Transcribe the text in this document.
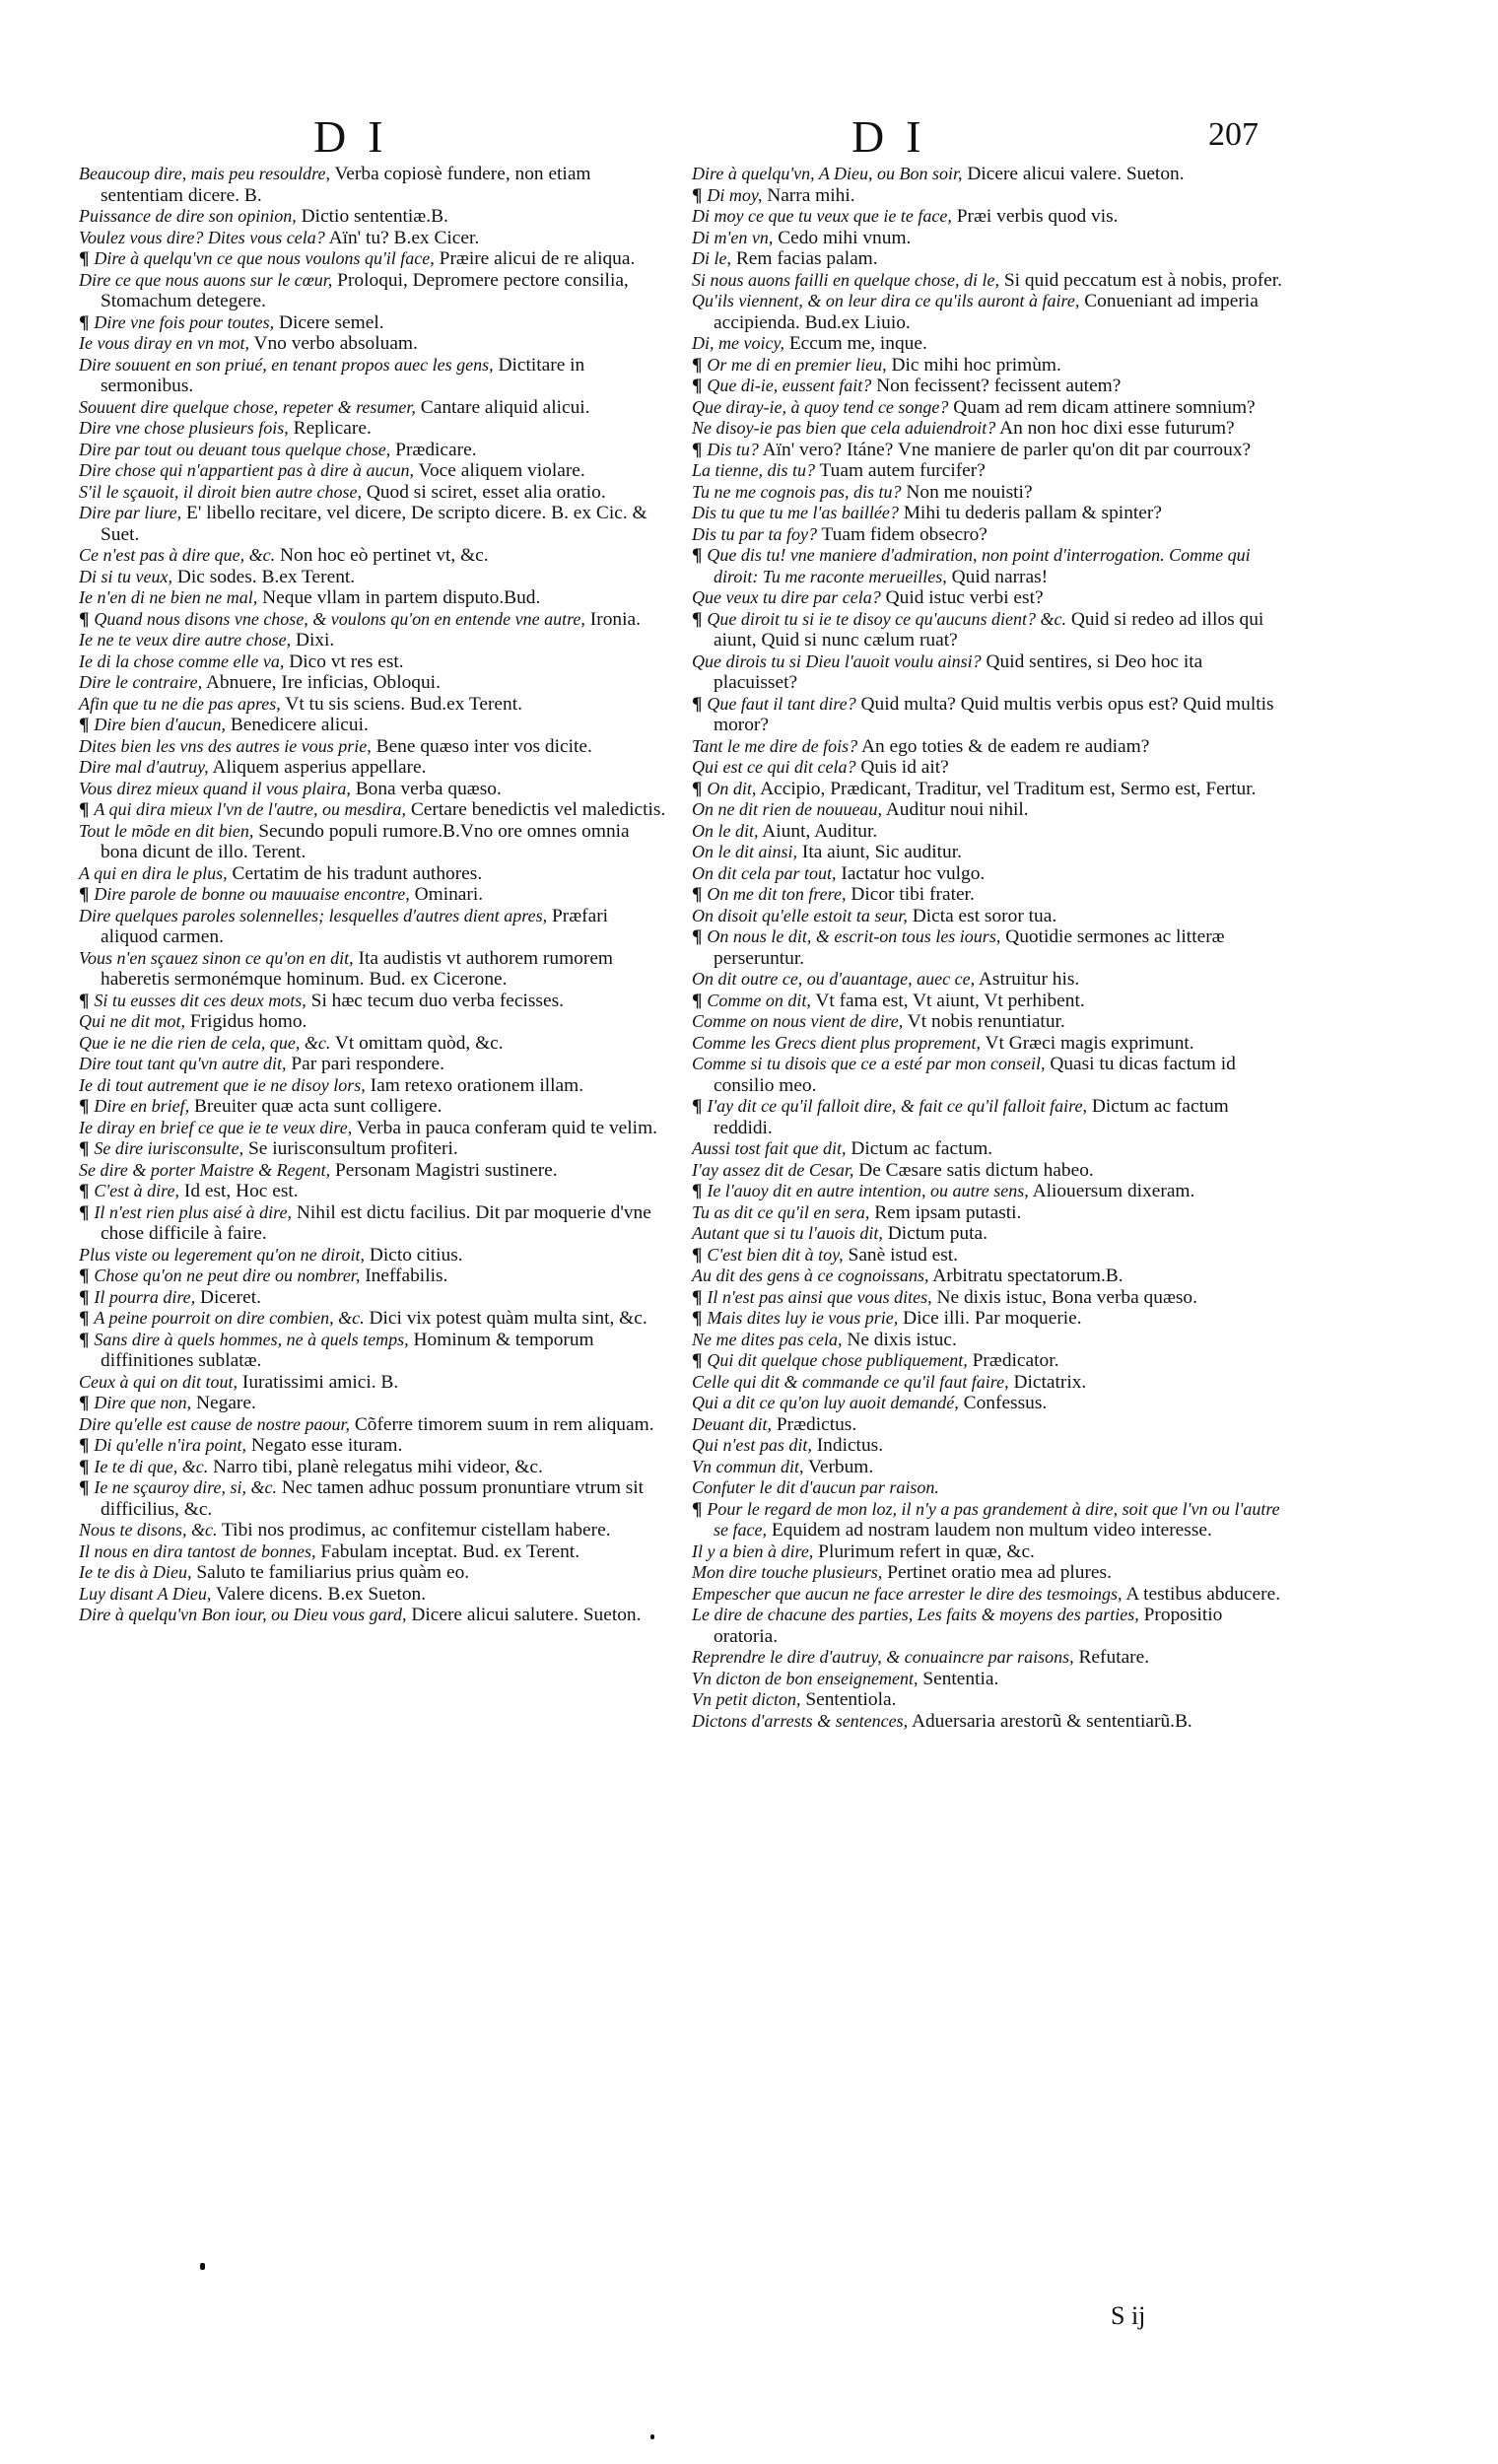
DI	DI	207

Beaucoup dire, mais peu resouldre, Verba copiosè fundere, non etiam sententiam dicere. B.

Puissance de dire son opinion, Dictio sententiæ.B.

Voulez vous dire? Dites vous cela? Aïn' tu? B.ex Cicer.

¶ Dire à quelqu'vn ce que nous voulons qu'il face, Præire alicui de re aliqua.

Dire ce que nous auons sur le cœur, Proloqui, Depromere pectore consilia, Stomachum detegere.

¶ Dire vne fois pour toutes, Dicere semel.

Ie vous diray en vn mot, Vno verbo absoluam.

Dire souuent en son priué, en tenant propos auec les gens, Dictitare in sermonibus.

Souuent dire quelque chose, repeter & resumer, Cantare aliquid alicui.

Dire vne chose plusieurs fois, Replicare.

Dire par tout ou deuant tous quelque chose, Prædicare.

Dire chose qui n'appartient pas à dire à aucun, Voce aliquem violare.

S'il le sçauoit, il diroit bien autre chose, Quod si sciret, esset alia oratio.

Dire par liure, E' libello recitare, vel dicere, De scripto dicere. B. ex Cic. & Suet.

Ce n'est pas à dire que, &c. Non hoc eò pertinet vt, &c.

Di si tu veux, Dic sodes. B.ex Terent.

Ie n'en di ne bien ne mal, Neque vllam in partem disputo.Bud.

¶ Quand nous disons vne chose, & voulons qu'on en entende vne autre, Ironia.

Ie ne te veux dire autre chose, Dixi.

Ie di la chose comme elle va, Dico vt res est.

Dire le contraire, Abnuere, Ire inficias, Obloqui.

Afin que tu ne die pas apres, Vt tu sis sciens. Bud.ex Terent.

¶ Dire bien d'aucun, Benedicere alicui.

Dites bien les vns des autres ie vous prie, Bene quæso inter vos dicite.

Dire mal d'autruy, Aliquem asperius appellare.

Vous direz mieux quand il vous plaira, Bona verba quæso.

¶ A qui dira mieux l'vn de l'autre, ou mesdira, Certare benedictis vel maledictis.

Tout le mõde en dit bien, Secundo populi rumore.B.Vno ore omnes omnia bona dicunt de illo. Terent.

A qui en dira le plus, Certatim de his tradunt authores.

¶ Dire parole de bonne ou mauuaise encontre, Ominari.

Dire quelques paroles solennelles; lesquelles d'autres dient apres, Præfari aliquod carmen.

Vous n'en sçauez sinon ce qu'on en dit, Ita audistis vt authorem rumorem haberetis sermonémque hominum. Bud. ex Cicerone.

¶ Si tu eusses dit ces deux mots, Si hæc tecum duo verba fecisses.

Qui ne dit mot, Frigidus homo.

Que ie ne die rien de cela, que, &c. Vt omittam quòd, &c.

Dire tout tant qu'vn autre dit, Par pari respondere.

Ie di tout autrement que ie ne disoy lors, Iam retexo orationem illam.

¶ Dire en brief, Breuiter quæ acta sunt colligere.

Ie diray en brief ce que ie te veux dire, Verba in pauca conferam quid te velim.

¶ Se dire iurisconsulte, Se iurisconsultum profiteri.

Se dire & porter Maistre & Regent, Personam Magistri sustinere.

¶ C'est à dire, Id est, Hoc est.

¶ Il n'est rien plus aisé à dire, Nihil est dictu facilius. Dit par moquerie d'vne chose difficile à faire.

Plus viste ou legerement qu'on ne diroit, Dicto citius.

¶ Chose qu'on ne peut dire ou nombrer, Ineffabilis.

¶ Il pourra dire, Diceret.

¶ A peine pourroit on dire combien, &c. Dici vix potest quàm multa sint, &c.

¶ Sans dire à quels hommes, ne à quels temps, Hominum & temporum diffinitiones sublatæ.

Ceux à qui on dit tout, Iuratissimi amici. B.

¶ Dire que non, Negare.

Dire qu'elle est cause de nostre paour, Cõferre timorem suum in rem aliquam.

¶ Di qu'elle n'ira point, Negato esse ituram.

¶ Ie te di que, &c. Narro tibi, planè relegatus mihi videor, &c.

¶ Ie ne sçauroy dire, si, &c. Nec tamen adhuc possum pronuntiare vtrum sit difficilius, &c.

Nous te disons, &c. Tibi nos prodimus, ac confitemur cistellam habere.

Il nous en dira tantost de bonnes, Fabulam inceptat. Bud. ex Terent.

Ie te dis à Dieu, Saluto te familiarius prius quàm eo.

Luy disant A Dieu, Valere dicens. B.ex Sueton.

Dire à quelqu'vn Bon iour, ou Dieu vous gard, Dicere alicui salutere. Sueton.

Dire à quelqu'vn, A Dieu, ou Bon soir, Dicere alicui valere. Sueton.

¶ Di moy, Narra mihi.

Di moy ce que tu veux que ie te face, Præi verbis quod vis.

Di m'en vn, Cedo mihi vnum.

Di le, Rem facias palam.

Si nous auons failli en quelque chose, di le, Si quid peccatum est à nobis, profer.

Qu'ils viennent, & on leur dira ce qu'ils auront à faire, Conueniant ad imperia accipienda. Bud.ex Liuio.

Di, me voicy, Eccum me, inque.

¶ Or me di en premier lieu, Dic mihi hoc primùm.

¶ Que di-ie, eussent fait? Non fecissent? fecissent autem?

Que diray-ie, à quoy tend ce songe? Quam ad rem dicam attinere somnium?

Ne disoy-ie pas bien que cela aduiendroit? An non hoc dixi esse futurum?

¶ Dis tu? Aïn' vero? Itáne? Vne maniere de parler qu'on dit par courroux?

La tienne, dis tu? Tuam autem furcifer?

Tu ne me cognois pas, dis tu? Non me nouisti?

Dis tu que tu me l'as baillée? Mihi tu dederis pallam & spinter?

Dis tu par ta foy? Tuam fidem obsecro?

¶ Que dis tu! vne maniere d'admiration, non point d'interrogation. Comme qui diroit: Tu me raconte merueilles, Quid narras!

Que veux tu dire par cela? Quid istuc verbi est?

¶ Que diroit tu si ie te disoy ce qu'aucuns dient? &c. Quid si redeo ad illos qui aiunt, Quid si nunc cælum ruat?

Que dirois tu si Dieu l'auoit voulu ainsi? Quid sentires, si Deo hoc ita placuisset?

¶ Que faut il tant dire? Quid multa? Quid multis verbis opus est? Quid multis moror?

Tant le me dire de fois? An ego toties & de eadem re audiam?

Qui est ce qui dit cela? Quis id ait?

¶ On dit, Accipio, Prædicant, Traditur, vel Traditum est, Sermo est, Fertur.

On ne dit rien de nouueau, Auditur noui nihil.

On le dit, Aiunt, Auditur.

On le dit ainsi, Ita aiunt, Sic auditur.

On dit cela par tout, Iactatur hoc vulgo.

¶ On me dit ton frere, Dicor tibi frater.

On disoit qu'elle estoit ta seur, Dicta est soror tua.

¶ On nous le dit, & escrit-on tous les iours, Quotidie sermones ac litteræ perseruntur.

On dit outre ce, ou d'auantage, auec ce, Astruitur his.

¶ Comme on dit, Vt fama est, Vt aiunt, Vt perhibent.

Comme on nous vient de dire, Vt nobis renuntiatur.

Comme les Grecs dient plus proprement, Vt Græci magis exprimunt.

Comme si tu disois que ce a esté par mon conseil, Quasi tu dicas factum id consilio meo.

¶ I'ay dit ce qu'il falloit dire, & fait ce qu'il falloit faire, Dictum ac factum reddidi.

Aussi tost fait que dit, Dictum ac factum.

I'ay assez dit de Cesar, De Cæsare satis dictum habeo.

¶ Ie l'auoy dit en autre intention, ou autre sens, Aliouersum dixeram.

Tu as dit ce qu'il en sera, Rem ipsam putasti.

Autant que si tu l'auois dit, Dictum puta.

¶ C'est bien dit à toy, Sanè istud est.

Au dit des gens à ce cognoissans, Arbitratu spectatorum.B.

¶ Il n'est pas ainsi que vous dites, Ne dixis istuc, Bona verba quæso.

¶ Mais dites luy ie vous prie, Dice illi. Par moquerie.

Ne me dites pas cela, Ne dixis istuc.

¶ Qui dit quelque chose publiquement, Prædicator.

Celle qui dit & commande ce qu'il faut faire, Dictatrix.

Qui a dit ce qu'on luy auoit demandé, Confessus.

Deuant dit, Prædictus.

Qui n'est pas dit, Indictus.

Vn commun dit, Verbum.

Confuter le dit d'aucun par raison.

¶ Pour le regard de mon loz, il n'y a pas grandement à dire, soit que l'vn ou l'autre se face, Equidem ad nostram laudem non multum video interesse.

Il y a bien à dire, Plurimum refert in quæ, &c.

Mon dire touche plusieurs, Pertinet oratio mea ad plures.

Empescher que aucun ne face arrester le dire des tesmoings, A testibus abducere.

Le dire de chacune des parties, Les faits & moyens des parties, Propositio oratoria.

Reprendre le dire d'autruy, & conuaincre par raisons, Refutare.

Vn dicton de bon enseignement, Sententia.

Vn petit dicton, Sententiola.

Dictons d'arrests & sentences, Aduersaria arestorũ & sententiarũ.B.

S ij
